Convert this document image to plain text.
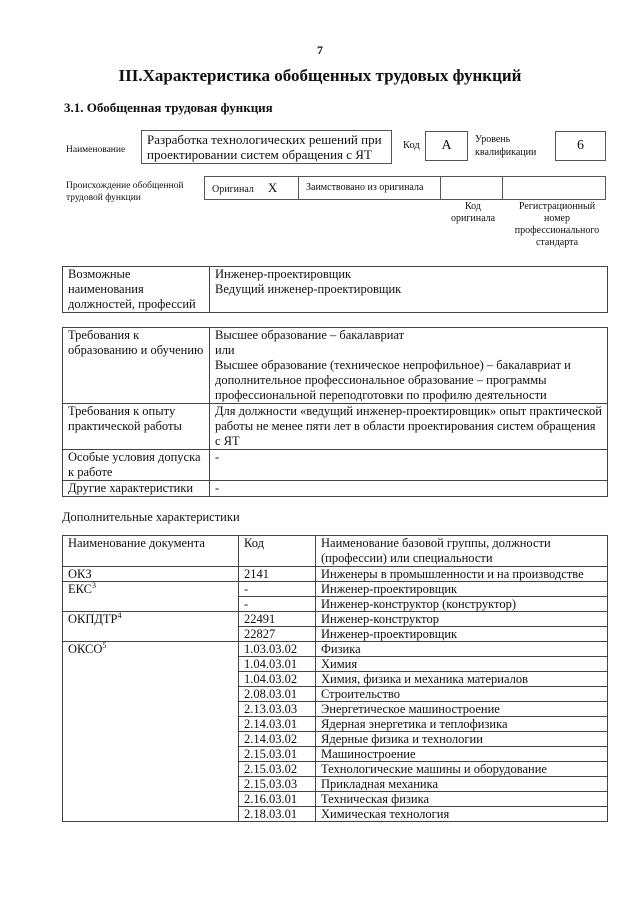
7
III.Характеристика обобщенных трудовых функций
3.1. Обобщенная трудовая функция
Наименование
Разработка технологических решений при
проектировании систем обращения с ЯТ
Код	A	Уровень
квалификации	6
Происхождение обобщенной
трудовой функции
Оригинал X	Заимствовано из оригинала
Код
оригинала
Регистрационный
номер
профессионального
стандарта
Возможные наименования должностей, профессий	
Инженер-проектировщик
Ведущий инженер-проектировщик
Требования к образованию и обучению	Высшее образование – бакалавриат
или
Высшее образование (техническое непрофильное) – бакалавриат и дополнительное профессиональное образование – программы профессиональной переподготовки по профилю деятельности

Требования к опыту практической работы	Для должности «ведущий инженер-проектировщик» опыт практической работы не менее пяти лет в области проектирования систем обращения с ЯТ
Особые условия допуска к работе	-
Другие характеристики	-
Дополнительные характеристики
Наименование документа	Код	Наименование базовой группы, должности (профессии) или специальности
ОКЗ	2141	Инженеры в промышленности и на производстве
ЕКС$^3$	-	Инженер-проектировщик
	-	Инженер-конструктор (конструктор)
ОКПДТР$^4$	22491	Инженер-конструктор
	22827	Инженер-проектировщик
ОКСО$^5$	1.03.03.02	Физика
	1.04.03.01	Химия
	1.04.03.02	Химия, физика и механика материалов
	2.08.03.01	Строительство
	2.13.03.03	Энергетическое машиностроение
	2.14.03.01	Ядерная энергетика и теплофизика
	2.14.03.02	Ядерные физика и технологии
	2.15.03.01	Машиностроение
	2.15.03.02	Технологические машины и оборудование
	2.15.03.03	Прикладная механика
	2.16.03.01	Техническая физика
	2.18.03.01	Химическая технология
